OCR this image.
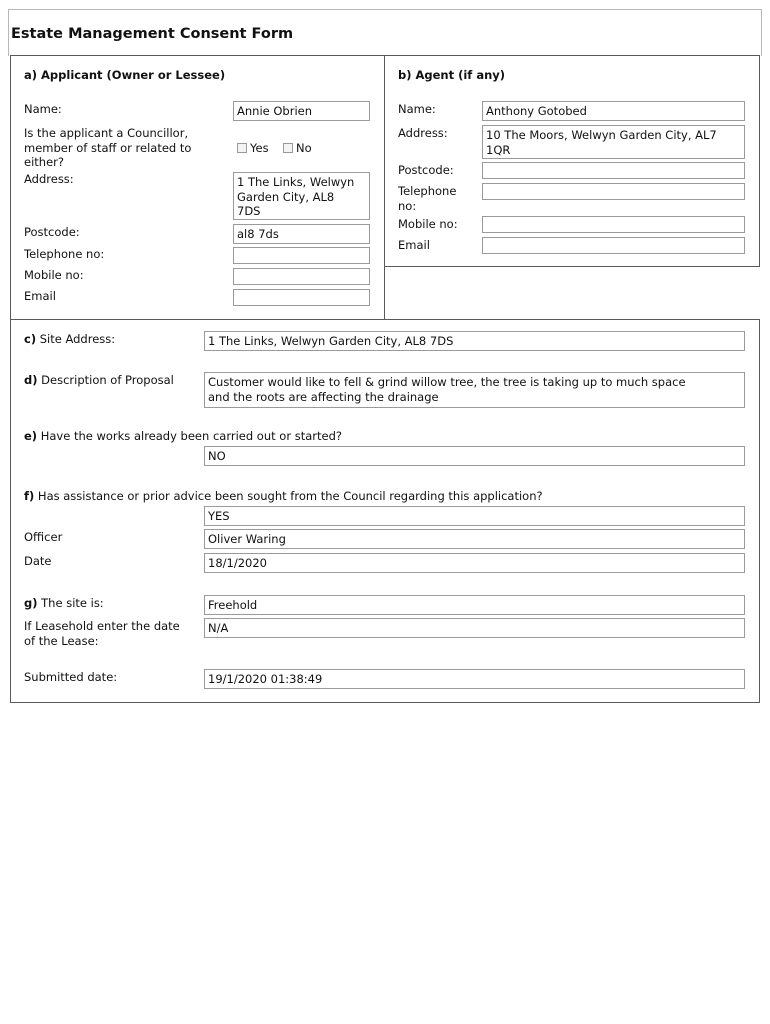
Estate Management Consent Form
a) Applicant (Owner or Lessee)
Name:	Annie Obrien
Is the applicant a Councillor,
member of staff or related to
either?

Yes	No

Address:	1 The Links, Welwyn
Garden City, AL8
7DS
Postcode:	al8 7ds
Telephone no:
Mobile no:
Email
b) Agent (if any)
Name:	Anthony Gotobed
Address:	10 The Moors, Welwyn Garden City, AL7
1QR
Postcode:
Telephone
no:
Mobile no:
Email
c) Site Address:	1 The Links, Welwyn Garden City, AL8 7DS
d) Description of Proposal	Customer would like to fell & grind willow tree, the tree is taking up to much space
and the roots are affecting the drainage
e) Have the works already been carried out or started?
NO
f) Has assistance or prior advice been sought from the Council regarding this application?
YES
Officer	Oliver Waring
Date	18/1/2020
g) The site is:	Freehold
If Leasehold enter the date
of the Lease:
N/A
Submitted date:	19/1/2020 01:38:49
